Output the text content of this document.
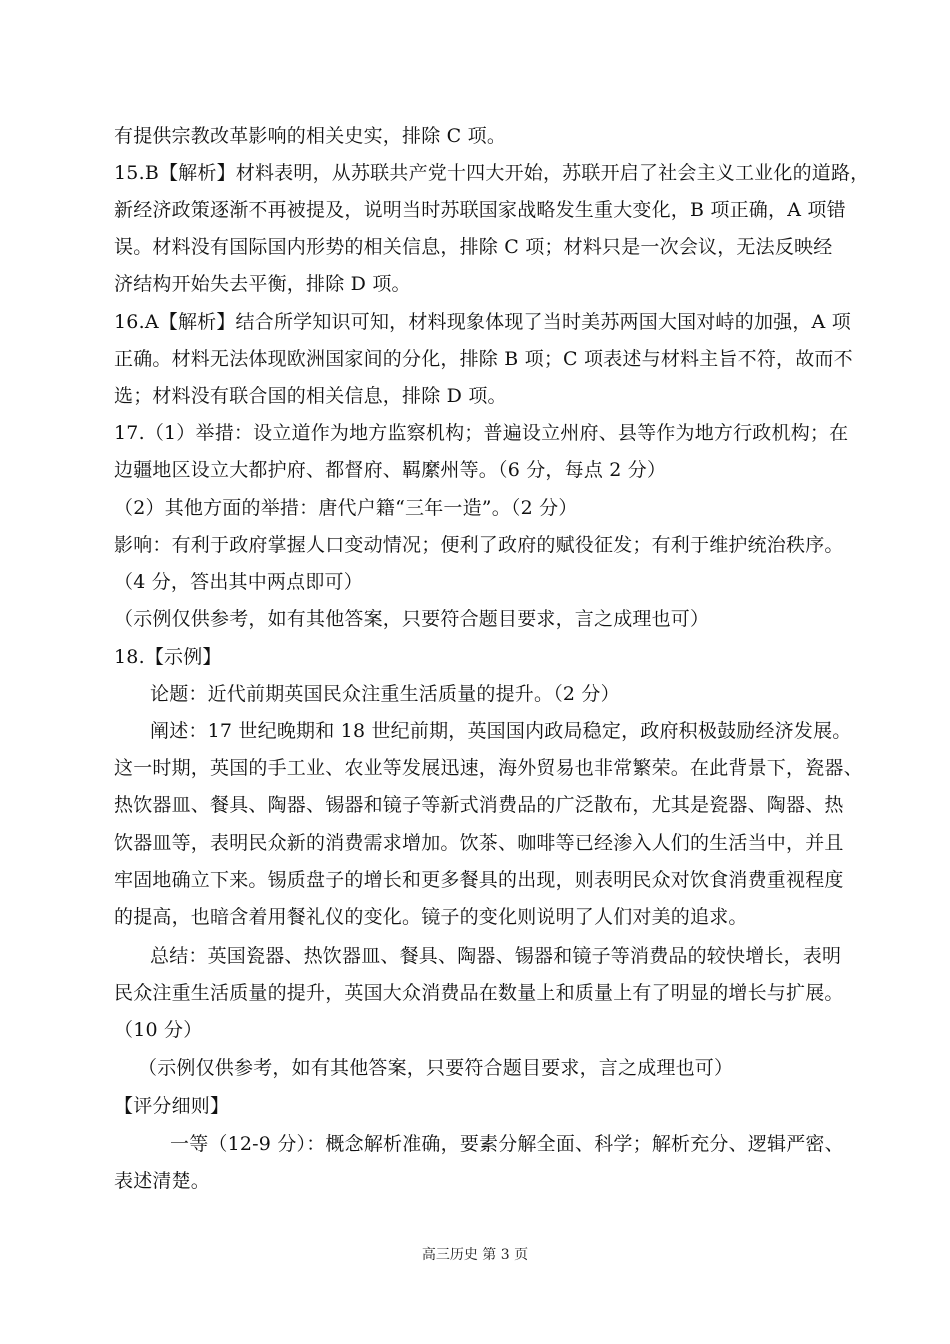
有提供宗教改革影响的相关史实，排除 C 项。
15.B【解析】材料表明，从苏联共产党十四大开始，苏联开启了社会主义工业化的道路，
新经济政策逐渐不再被提及，说明当时苏联国家战略发生重大变化，B 项正确，A 项错
误。材料没有国际国内形势的相关信息，排除 C 项；材料只是一次会议，无法反映经
济结构开始失去平衡，排除 D 项。
16.A【解析】结合所学知识可知，材料现象体现了当时美苏两国大国对峙的加强，A 项
正确。材料无法体现欧洲国家间的分化，排除 B 项；C 项表述与材料主旨不符，故而不
选；材料没有联合国的相关信息，排除 D 项。
17.（1）举措：设立道作为地方监察机构；普遍设立州府、县等作为地方行政机构；在
边疆地区设立大都护府、都督府、羁縻州等。（6 分，每点 2 分）
（2）其他方面的举措：唐代户籍“三年一造”。（2 分）
影响：有利于政府掌握人口变动情况；便利了政府的赋役征发；有利于维护统治秩序。
（4 分，答出其中两点即可）
（示例仅供参考，如有其他答案，只要符合题目要求，言之成理也可）
18.【示例】
论题：近代前期英国民众注重生活质量的提升。（2 分）
阐述：17 世纪晚期和 18 世纪前期，英国国内政局稳定，政府积极鼓励经济发展。
这一时期，英国的手工业、农业等发展迅速，海外贸易也非常繁荣。在此背景下，瓷器、
热饮器皿、餐具、陶器、锡器和镜子等新式消费品的广泛散布，尤其是瓷器、陶器、热
饮器皿等，表明民众新的消费需求增加。饮茶、咖啡等已经渗入人们的生活当中，并且
牢固地确立下来。锡质盘子的增长和更多餐具的出现，则表明民众对饮食消费重视程度
的提高，也暗含着用餐礼仪的变化。镜子的变化则说明了人们对美的追求。
总结：英国瓷器、热饮器皿、餐具、陶器、锡器和镜子等消费品的较快增长，表明
民众注重生活质量的提升，英国大众消费品在数量上和质量上有了明显的增长与扩展。
（10 分）
（示例仅供参考，如有其他答案，只要符合题目要求，言之成理也可）
【评分细则】
一等（12-9 分）：概念解析准确，要素分解全面、科学；解析充分、逻辑严密、
表述清楚。
高三历史 第 3 页
